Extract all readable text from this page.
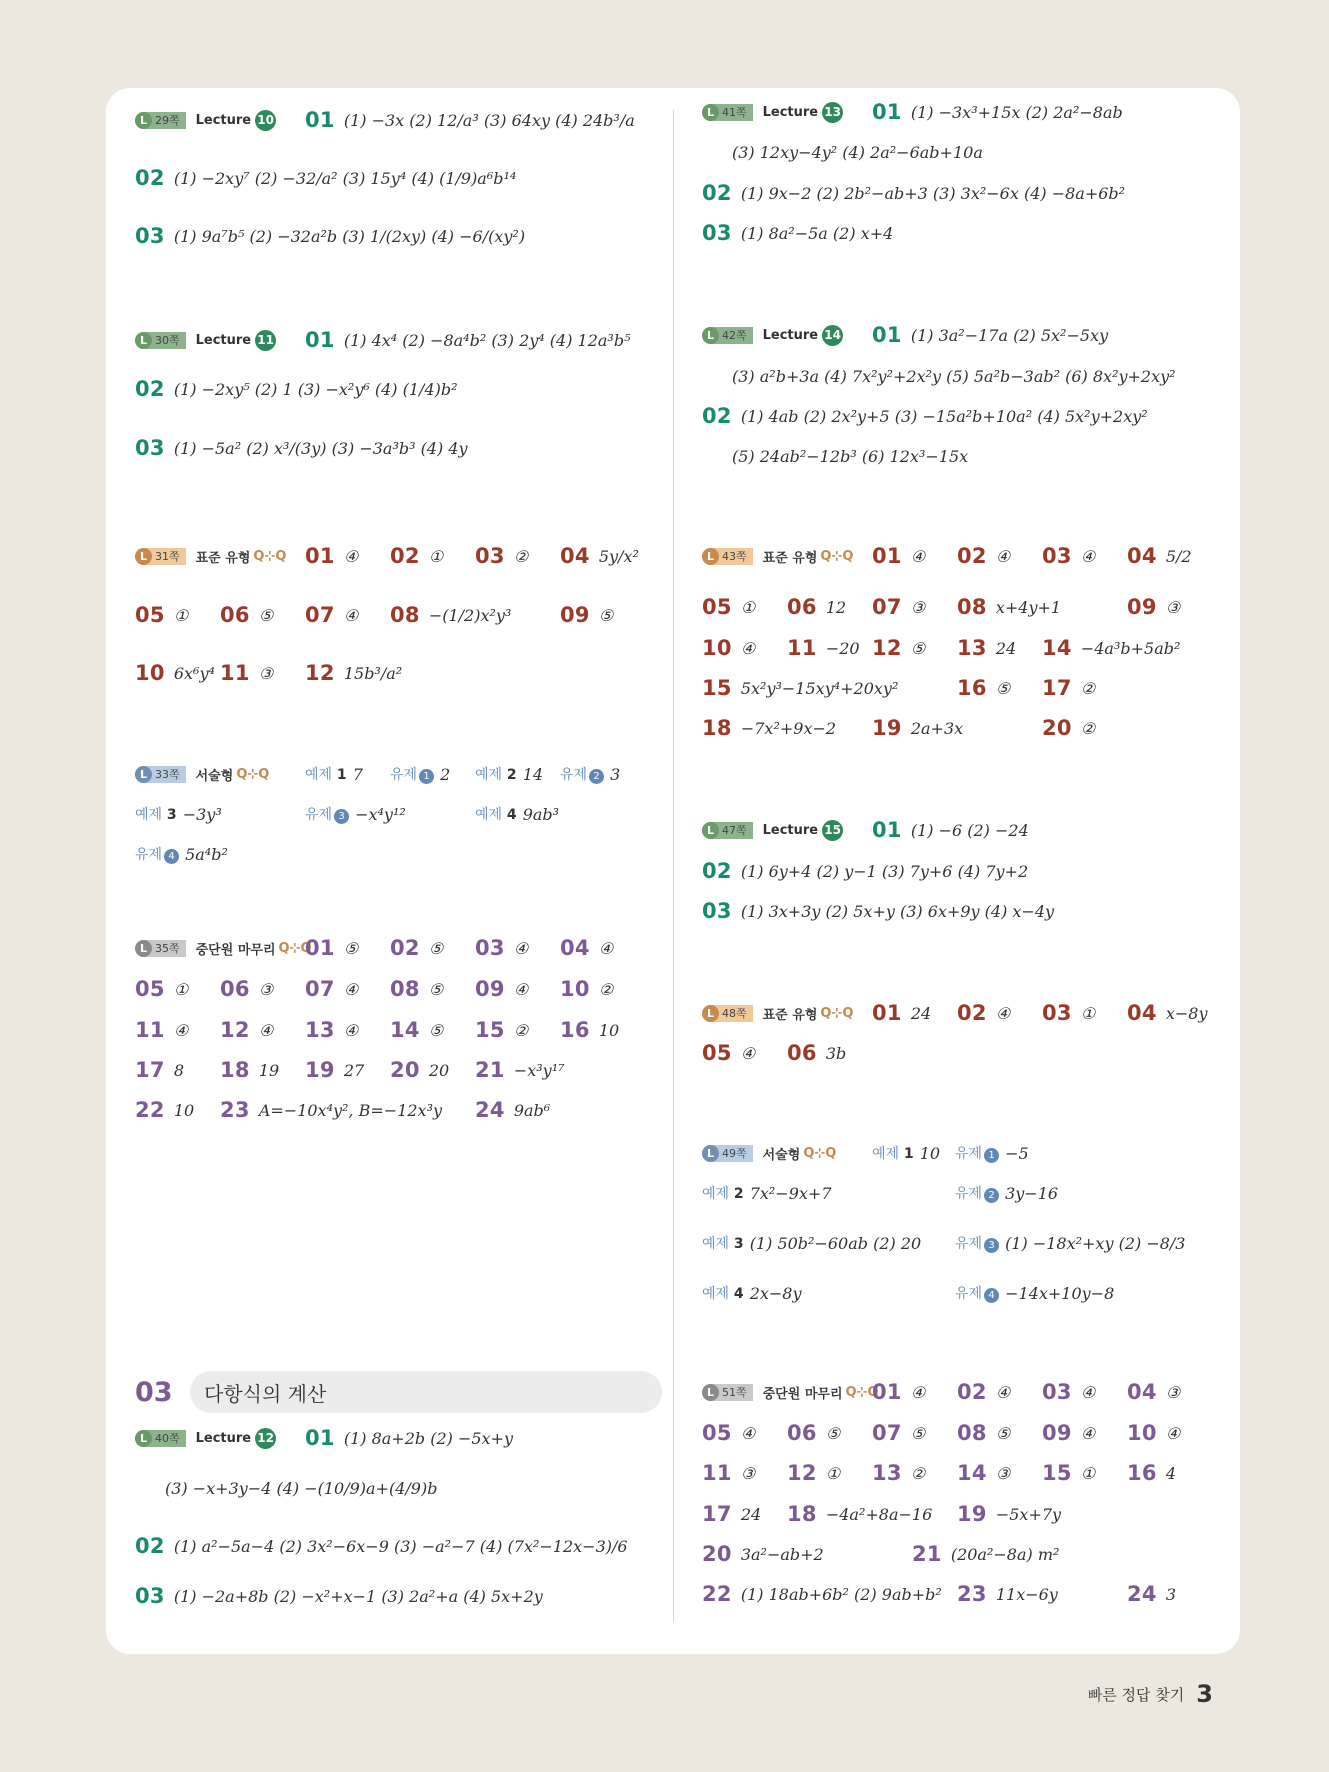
L 29쪽 Lecture 10 01 (1) −3x (2) 12/a³ (3) 64xy (4) 24b³/a
02 (1) −2xy⁷ (2) −32/a² (3) 15y⁴ (4) (1/9)a⁶b¹⁴
03 (1) 9a⁷b⁵ (2) −32a²b (3) 1/(2xy) (4) −6/(xy²)
L 30쪽 Lecture 11 01 (1) 4x⁴ (2) −8a⁴b² (3) 2y⁴ (4) 12a³b⁵
02 (1) −2xy⁵ (2) 1 (3) −x²y⁶ (4) (1/4)b²
03 (1) −5a² (2) x³/(3y) (3) −3a³b³ (4) 4y
L 31쪽 표준 유형 Q⊹Q 01 ④ 02 ① 03 ② 04 5y/x²
05 ① 06 ⑤ 07 ④ 08 −(1/2)x²y³ 09 ⑤
10 6x⁶y⁴ 11 ③ 12 15b³/a²
L 33쪽 서술형 Q⊹Q	예제 1 7 유제 1 2 예제 2 14 유제 2 3
예제 3 −3y³	유제 3 −x⁴y¹²	예제 4 9ab³
유제 4 5a⁴b²
L 35쪽 중단원 마무리 Q⊹Q
01 ⑤ 02 ⑤ 03 ④ 04 ④
05 ① 06 ③ 07 ④ 08 ⑤ 09 ④ 10 ②
11 ④ 12 ④ 13 ④ 14 ⑤ 15 ② 16 10
17 8 18 19 19 27 20 20 21 −x³y¹⁷
22 10 23 A=−10x⁴y², B=−12x³y 24 9ab⁶
L 40쪽 Lecture 12 01 (1) 8a+2b (2) −5x+y
(3) −x+3y−4 (4) −(10/9)a+(4/9)b
02 (1) a²−5a−4 (2) 3x²−6x−9 (3) −a²−7 (4) (7x²−12x−3)/6
03 (1) −2a+8b (2) −x²+x−1 (3) 2a²+a (4) 5x+2y
L 41쪽 Lecture 13 01 (1) −3x³+15x (2) 2a²−8ab
(3) 12xy−4y² (4) 2a²−6ab+10a
02 (1) 9x−2 (2) 2b²−ab+3 (3) 3x²−6x (4) −8a+6b²
03 (1) 8a²−5a (2) x+4
L 42쪽 Lecture 14 01 (1) 3a²−17a (2) 5x²−5xy
(3) a²b+3a (4) 7x²y²+2x²y (5) 5a²b−3ab² (6) 8x²y+2xy²
02 (1) 4ab (2) 2x²y+5 (3) −15a²b+10a² (4) 5x²y+2xy²
(5) 24ab²−12b³ (6) 12x³−15x
L 43쪽 표준 유형 Q⊹Q 01 ④ 02 ④ 03 ④ 04 5/2
05 ① 06 12 07 ③ 08 x+4y+1	09 ③
10 ④ 11 −20 12 ⑤ 13 24 14 −4a³b+5ab²
15 5x²y³−15xy⁴+20xy²	16 ⑤ 17 ②
18 −7x²+9x−2 19 2a+3x	20 ②
L 47쪽 Lecture 15 01 (1) −6 (2) −24
02 (1) 6y+4 (2) y−1 (3) 7y+6 (4) 7y+2
03 (1) 3x+3y (2) 5x+y (3) 6x+9y (4) x−4y
L 48쪽 표준 유형 Q⊹Q 01 24 02 ④ 03 ① 04 x−8y
05 ④ 06 3b
L 49쪽 서술형 Q⊹Q	예제 1 10 유제 1 −5
예제 2 7x²−9x+7	유제 2 3y−16
예제 3 (1) 50b²−60ab (2) 20 유제 3 (1) −18x²+xy (2) −8/3
예제 4 2x−8y	유제 4 −14x+10y−8
L 51쪽 중단원 마무리 Q⊹Q
01 ④ 02 ④ 03 ④ 04 ③
05 ④ 06 ⑤ 07 ⑤ 08 ⑤ 09 ④ 10 ④
11 ③ 12 ① 13 ② 14 ③ 15 ① 16 4
17 24 18 −4a²+8a−16 19 −5x+7y
20 3a²−ab+2	21 (20a²−8a) m²
22 (1) 18ab+6b² (2) 9ab+b² 23 11x−6y	24 3
03	다항식의 계산
빠른 정답 찾기 3
